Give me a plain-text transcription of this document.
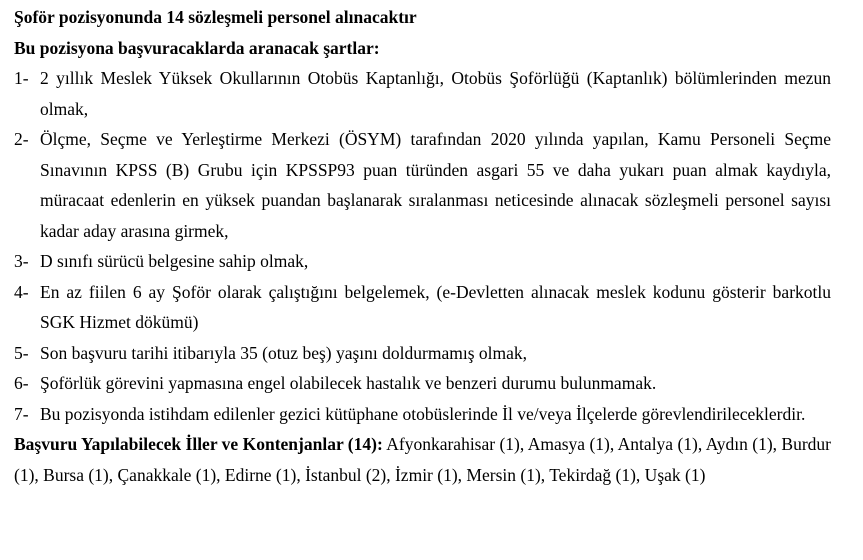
Şoför pozisyonunda 14 sözleşmeli personel alınacaktır

Bu pozisyona başvuracaklarda aranacak şartlar:

1- 2 yıllık Meslek Yüksek Okullarının Otobüs Kaptanlığı, Otobüs Şoförlüğü (Kaptanlık) bölümlerinden mezun olmak,
2- Ölçme, Seçme ve Yerleştirme Merkezi (ÖSYM) tarafından 2020 yılında yapılan, Kamu Personeli Seçme Sınavının KPSS (B) Grubu için KPSSP93 puan türünden asgari 55 ve daha yukarı puan almak kaydıyla, müracaat edenlerin en yüksek puandan başlanarak sıralanması neticesinde alınacak sözleşmeli personel sayısı kadar aday arasına girmek,
3- D sınıfı sürücü belgesine sahip olmak,
4- En az fiilen 6 ay Şoför olarak çalıştığını belgelemek, (e-Devletten alınacak meslek kodunu gösterir barkotlu SGK Hizmet dökümü)
5- Son başvuru tarihi itibarıyla 35 (otuz beş) yaşını doldurmamış olmak,
6- Şoförlük görevini yapmasına engel olabilecek hastalık ve benzeri durumu bulunmamak.
7- Bu pozisyonda istihdam edilenler gezici kütüphane otobüslerinde İl ve/veya İlçelerde görevlendirileceklerdir.

Başvuru Yapılabilecek İller ve Kontenjanlar (14): Afyonkarahisar (1), Amasya (1), Antalya (1), Aydın (1), Burdur (1), Bursa (1), Çanakkale (1), Edirne (1), İstanbul (2), İzmir (1), Mersin (1), Tekirdağ (1), Uşak (1)
